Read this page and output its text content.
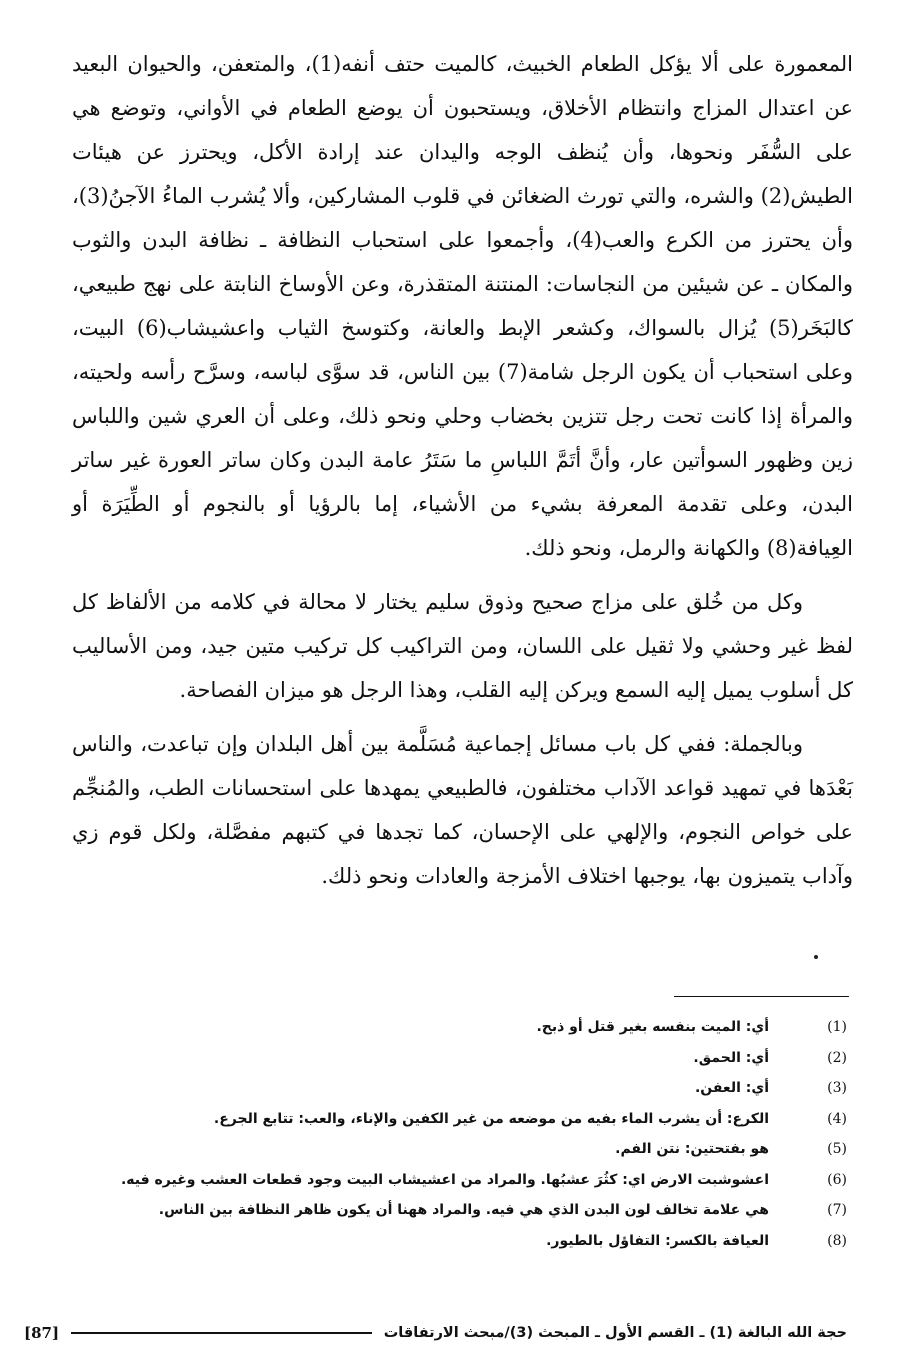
المعمورة على ألا يؤكل الطعام الخبيث، كالميت حتف أنفه(1)، والمتعفن، والحيوان البعيد عن اعتدال المزاج وانتظام الأخلاق، ويستحبون أن يوضع الطعام في الأواني، وتوضع هي على السُّفَر ونحوها، وأن يُنظف الوجه واليدان عند إرادة الأكل، ويحترز عن هيئات الطيش(2) والشره، والتي تورث الضغائن في قلوب المشاركين، وألا يُشرب الماءُ الآجنُ(3)، وأن يحترز من الكرع والعب(4)، وأجمعوا على استحباب النظافة ـ نظافة البدن والثوب والمكان ـ عن شيئين من النجاسات: المنتنة المتقذرة، وعن الأوساخ النابتة على نهج طبيعي، كالبَخَر(5) يُزال بالسواك، وكشعر الإبط والعانة، وكتوسخ الثياب واعشيشاب(6) البيت، وعلى استحباب أن يكون الرجل شامة(7) بين الناس، قد سوَّى لباسه، وسرَّح رأسه ولحيته، والمرأة إذا كانت تحت رجل تتزين بخضاب وحلي ونحو ذلك، وعلى أن العري شين واللباس زين وظهور السوأتين عار، وأنَّ أتَمَّ اللباسِ ما سَتَرُ عامة البدن وكان ساتر العورة غير ساتر البدن، وعلى تقدمة المعرفة بشيء من الأشياء، إما بالرؤيا أو بالنجوم أو الطِّيَرَة أو العِيافة(8) والكهانة والرمل، ونحو ذلك.

وكل من خُلق على مزاج صحيح وذوق سليم يختار لا محالة في كلامه من الألفاظ كل لفظ غير وحشي ولا ثقيل على اللسان، ومن التراكيب كل تركيب متين جيد، ومن الأساليب كل أسلوب يميل إليه السمع ويركن إليه القلب، وهذا الرجل هو ميزان الفصاحة.

وبالجملة: ففي كل باب مسائل إجماعية مُسَلَّمة بين أهل البلدان وإن تباعدت، والناس بَعْدَها في تمهيد قواعد الآداب مختلفون، فالطبيعي يمهدها على استحسانات الطب، والمُنجِّم على خواص النجوم، والإلهي على الإحسان، كما تجدها في كتبهم مفصَّلة، ولكل قوم زي وآداب يتميزون بها، يوجبها اختلاف الأمزجة والعادات ونحو ذلك.

(1)
أي: الميت بنفسه بغير قتل أو ذبح.
(2)
أي: الحمق.
(3)
أي: العفن.
(4)
الكرع: أن يشرب الماء بفيه من موضعه من غير الكفين والإناء، والعب: تتابع الجرع.
(5)
هو بفتحتين: نتن الفم.
(6)
اعشوشبت الارض اي: كثُرَ عشبُها. والمراد من اعشيشاب البيت وجود قطعات العشب وغيره فيه.
(7)
هي علامة تخالف لون البدن الذي هي فيه. والمراد ههنا أن يكون ظاهر النظافة بين الناس.
(8)
العيافة بالكسر: التفاؤل بالطيور.
حجة الله البالغة (1) ـ القسم الأول ـ المبحث (3)/مبحث الارتفاقات
[87]
